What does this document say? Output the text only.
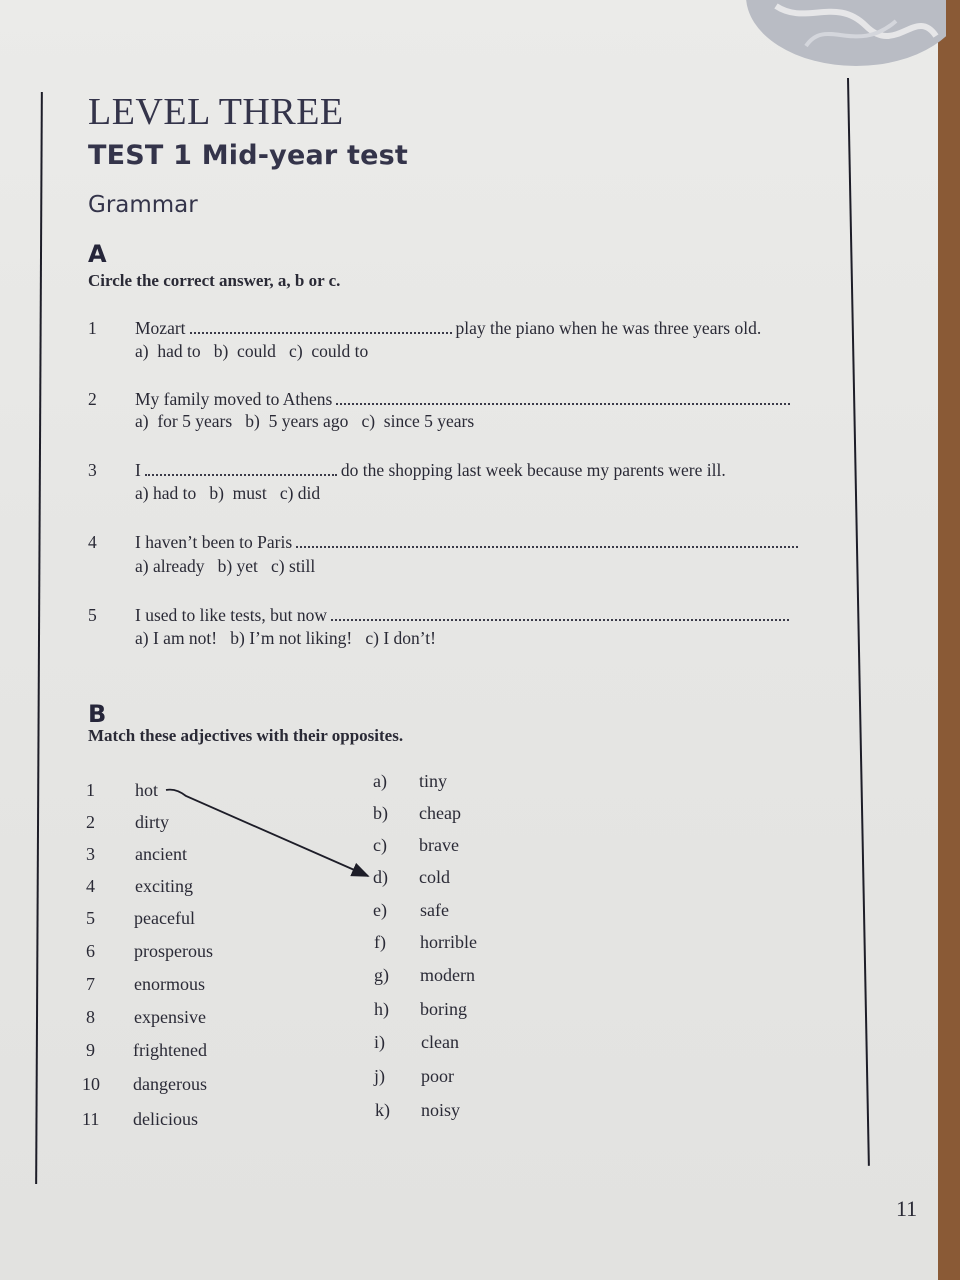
LEVEL THREE
TEST 1 Mid-year test
Grammar
A
Circle the correct answer, a, b or c.
1 Mozart	play the piano when he was three years old.
a)  had to   b)  could   c)  could to
2 My family moved to Athens
a)  for 5 years   b)  5 years ago   c)  since 5 years
3 I	do the shopping last week because my parents were ill.
a) had to   b)  must   c) did
4 I haven’t been to Paris
a) already   b) yet   c) still
5 I used to like tests, but now
a) I am not!   b) I’m not liking!   c) I don’t!
B
Match these adjectives with their opposites.
1 hot
2 dirty
3 ancient
4 exciting
5 peaceful
6 prosperous
7 enormous
8 expensive
9 frightened
10 dangerous
11 delicious
a) tiny
b) cheap
c) brave
d) cold
e) safe
f) horrible
g) modern
h) boring
i) clean
j) poor
k) noisy
11
